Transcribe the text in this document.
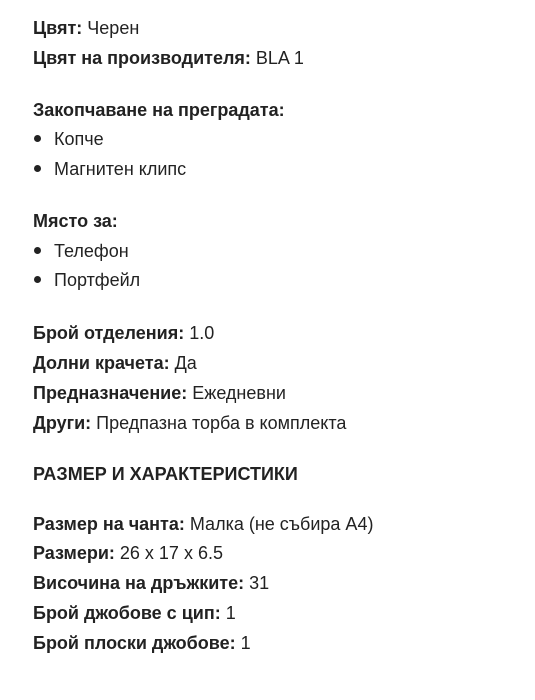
Цвят: Черен
Цвят на производителя: BLA 1
Закопчаване на преградата:
Копче
Магнитен клипс
Място за:
Телефон
Портфейл
Брой отделения: 1.0
Долни крачета: Да
Предназначение: Ежедневни
Други: Предпазна торба в комплекта
РАЗМЕР И ХАРАКТЕРИСТИКИ
Размер на чанта: Малка (не събира А4)
Размери: 26 x 17 x 6.5
Височина на дръжките: 31
Брой джобове с цип: 1
Брой плоски джобове: 1
